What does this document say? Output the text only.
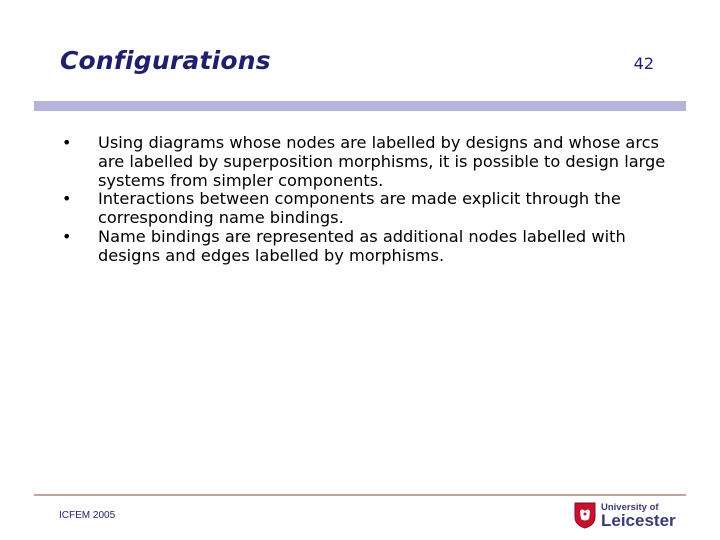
Configurations	42
• Using diagrams whose nodes are labelled by designs and whose arcs are labelled by superposition morphisms, it is possible to design large systems from simpler components.
• Interactions between components are made explicit through the corresponding name bindings.
• Name bindings are represented as additional nodes labelled with designs and edges labelled by morphisms.
ICFEM 2005
University of
Leicester
